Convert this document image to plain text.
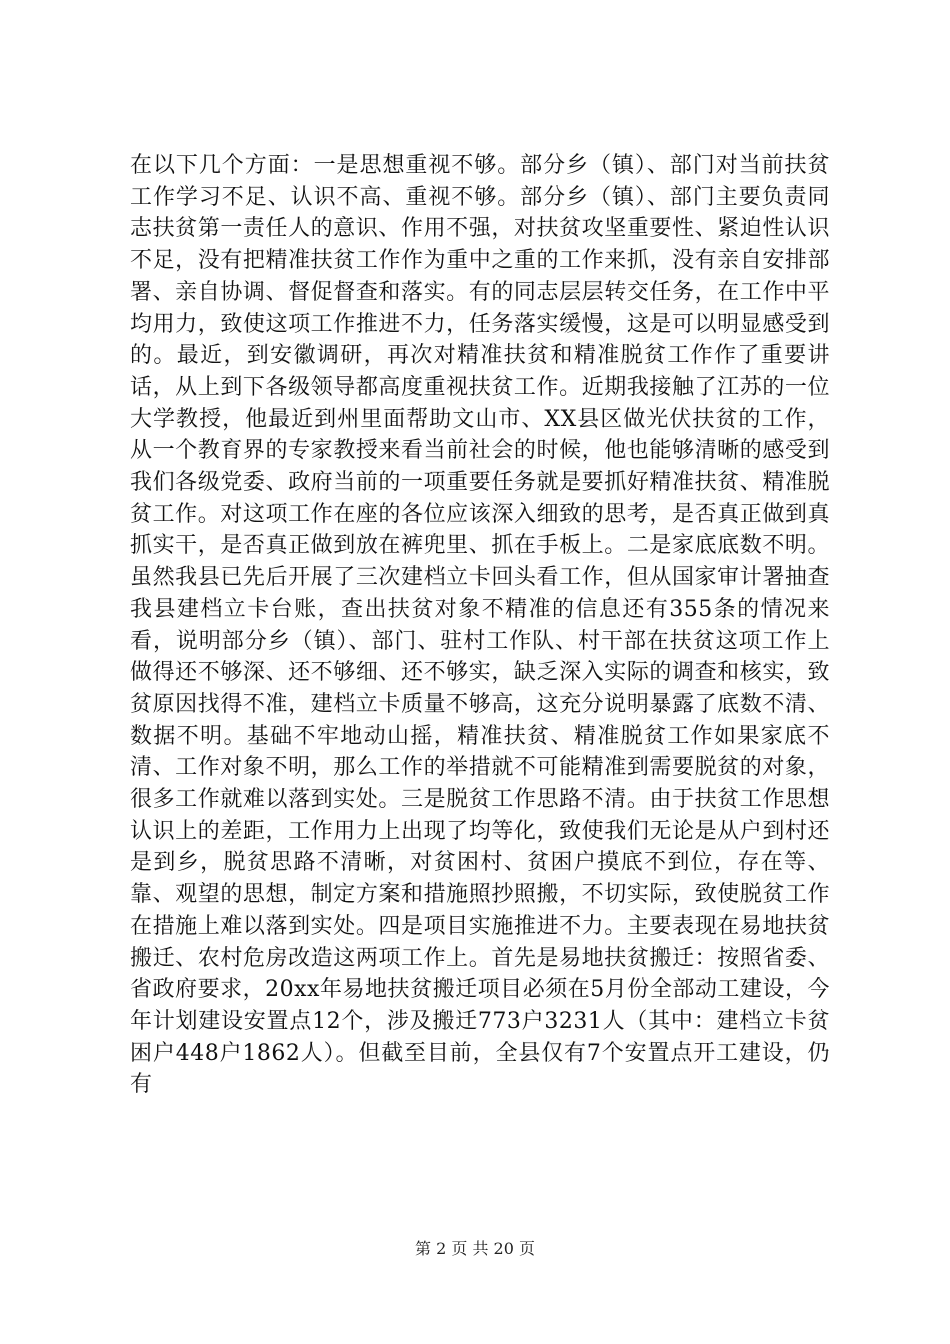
在以下几个方面：一是思想重视不够。部分乡（镇）、部门对当前扶贫工作学习不足、认识不高、重视不够。部分乡（镇）、部门主要负责同志扶贫第一责任人的意识、作用不强，对扶贫攻坚重要性、紧迫性认识不足，没有把精准扶贫工作作为重中之重的工作来抓，没有亲自安排部署、亲自协调、督促督查和落实。有的同志层层转交任务，在工作中平均用力，致使这项工作推进不力，任务落实缓慢，这是可以明显感受到的。最近，到安徽调研，再次对精准扶贫和精准脱贫工作作了重要讲话，从上到下各级领导都高度重视扶贫工作。近期我接触了江苏的一位大学教授，他最近到州里面帮助文山市、XX县区做光伏扶贫的工作，从一个教育界的专家教授来看当前社会的时候，他也能够清晰的感受到我们各级党委、政府当前的一项重要任务就是要抓好精准扶贫、精准脱贫工作。对这项工作在座的各位应该深入细致的思考，是否真正做到真抓实干，是否真正做到放在裤兜里、抓在手板上。二是家底底数不明。虽然我县已先后开展了三次建档立卡回头看工作，但从国家审计署抽查我县建档立卡台账，查出扶贫对象不精准的信息还有355条的情况来看，说明部分乡（镇）、部门、驻村工作队、村干部在扶贫这项工作上做得还不够深、还不够细、还不够实，缺乏深入实际的调查和核实，致贫原因找得不准，建档立卡质量不够高，这充分说明暴露了底数不清、数据不明。基础不牢地动山摇，精准扶贫、精准脱贫工作如果家底不清、工作对象不明，那么工作的举措就不可能精准到需要脱贫的对象，很多工作就难以落到实处。三是脱贫工作思路不清。由于扶贫工作思想认识上的差距，工作用力上出现了均等化，致使我们无论是从户到村还是到乡，脱贫思路不清晰，对贫困村、贫困户摸底不到位，存在等、靠、观望的思想，制定方案和措施照抄照搬，不切实际，致使脱贫工作在措施上难以落到实处。四是项目实施推进不力。主要表现在易地扶贫搬迁、农村危房改造这两项工作上。首先是易地扶贫搬迁：按照省委、省政府要求，20xx年易地扶贫搬迁项目必须在5月份全部动工建设，今年计划建设安置点12个，涉及搬迁773户3231人（其中：建档立卡贫困户448户1862人）。但截至目前，全县仅有7个安置点开工建设，仍有
第 2 页 共 20 页
